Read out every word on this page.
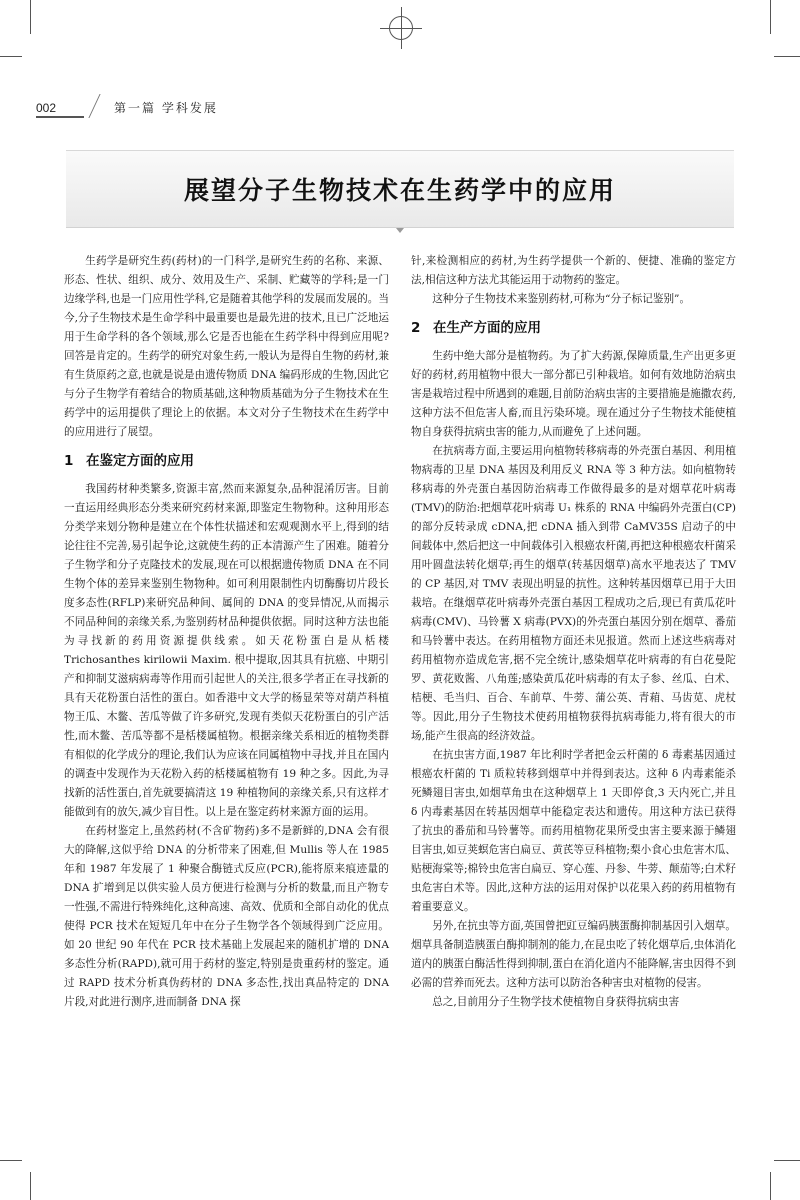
002	第一篇 学科发展
展望分子生物技术在生药学中的应用

生药学是研究生药(药材)的一门科学,是研究生药的名称、来源、形态、性状、组织、成分、效用及生产、采制、贮藏等的学科;是一门边缘学科,也是一门应用性学科,它是随着其他学科的发展而发展的。当今,分子生物技术是生命学科中最重要也是最先进的技术,且已广泛地运用于生命学科的各个领域,那么它是否也能在生药学科中得到应用呢?回答是肯定的。生药学的研究对象生药,一般认为是得自生物的药材,兼有生货原药之意,也就是说是由遗传物质 DNA 编码形成的生物,因此它与分子生物学有着结合的物质基础,这种物质基础为分子生物技术在生药学中的运用提供了理论上的依据。本文对分子生物技术在生药学中的应用进行了展望。

1 在鉴定方面的应用

我国药材种类繁多,资源丰富,然而来源复杂,品种混淆厉害。目前一直运用经典形态分类来研究药材来源,即鉴定生物物种。这种用形态分类学来划分物种是建立在个体性状描述和宏观观测水平上,得到的结论往往不完善,易引起争论,这就使生药的正本清源产生了困难。随着分子生物学和分子克隆技术的发展,现在可以根据遗传物质 DNA 在不同生物个体的差异来鉴别生物物种。如可利用限制性内切酶酶切片段长度多态性(RFLP)来研究品种间、属间的 DNA 的变异情况,从而揭示不同品种间的亲缘关系,为鉴别药材品种提供依据。同时这种方法也能为寻找新的药用资源提供线索。如天花粉蛋白是从栝楼 Trichosanthes kirilowii Maxim. 根中提取,因其具有抗癌、中期引产和抑制艾滋病病毒等作用而引起世人的关注,很多学者正在寻找新的具有天花粉蛋白活性的蛋白。如香港中文大学的杨显荣等对葫芦科植物王瓜、木鳖、苦瓜等做了许多研究,发现有类似天花粉蛋白的引产活性,而木鳖、苦瓜等都不是栝楼属植物。根据亲缘关系相近的植物类群有相似的化学成分的理论,我们认为应该在同属植物中寻找,并且在国内的调查中发现作为天花粉入药的栝楼属植物有 19 种之多。因此,为寻找新的活性蛋白,首先就要搞清这 19 种植物间的亲缘关系,只有这样才能做到有的放矢,减少盲目性。以上是在鉴定药材来源方面的运用。

在药材鉴定上,虽然药材(不含矿物药)多不是新鲜的,DNA 会有很大的降解,这似乎给 DNA 的分析带来了困难,但 Mullis 等人在 1985 年和 1987 年发展了 1 种聚合酶链式反应(PCR),能将原来痕迹量的 DNA 扩增到足以供实验人员方便进行检测与分析的数量,而且产物专一性强,不需进行特殊纯化,这种高速、高效、优质和全部自动化的优点使得 PCR 技术在短短几年中在分子生物学各个领域得到广泛应用。如 20 世纪 90 年代在 PCR 技术基础上发展起来的随机扩增的 DNA 多态性分析(RAPD),就可用于药材的鉴定,特别是贵重药材的鉴定。通过 RAPD 技术分析真伪药材的 DNA 多态性,找出真品特定的 DNA 片段,对此进行测序,进而制备 DNA 探

针,来检测相应的药材,为生药学提供一个新的、便捷、准确的鉴定方法,相信这种方法尤其能运用于动物药的鉴定。

这种分子生物技术来鉴别药材,可称为“分子标记鉴别”。

2 在生产方面的应用

生药中绝大部分是植物药。为了扩大药源,保障质量,生产出更多更好的药材,药用植物中很大一部分都已引种栽培。如何有效地防治病虫害是栽培过程中所遇到的难题,目前防治病虫害的主要措施是施撒农药,这种方法不但危害人畜,而且污染环境。现在通过分子生物技术能使植物自身获得抗病虫害的能力,从而避免了上述问题。

在抗病毒方面,主要运用向植物转移病毒的外壳蛋白基因、利用植物病毒的卫星 DNA 基因及利用反义 RNA 等 3 种方法。如向植物转移病毒的外壳蛋白基因防治病毒工作做得最多的是对烟草花叶病毒(TMV)的防治:把烟草花叶病毒 U₁ 株系的 RNA 中编码外壳蛋白(CP)的部分反转录成 cDNA,把 cDNA 插入到带 CaMV35S 启动子的中间载体中,然后把这一中间载体引入根癌农杆菌,再把这种根癌农杆菌采用叶圆盘法转化烟草;再生的烟草(转基因烟草)高水平地表达了 TMV 的 CP 基因,对 TMV 表现出明显的抗性。这种转基因烟草已用于大田栽培。在继烟草花叶病毒外壳蛋白基因工程成功之后,现已有黄瓜花叶病毒(CMV)、马铃薯 X 病毒(PVX)的外壳蛋白基因分别在烟草、番茄和马铃薯中表达。在药用植物方面还未见报道。然而上述这些病毒对药用植物亦造成危害,据不完全统计,感染烟草花叶病毒的有白花曼陀罗、黄花败酱、八角莲;感染黄瓜花叶病毒的有太子参、丝瓜、白术、桔梗、毛当归、百合、车前草、牛蒡、蒲公英、青葙、马齿苋、虎杖等。因此,用分子生物技术使药用植物获得抗病毒能力,将有很大的市场,能产生很高的经济效益。

在抗虫害方面,1987 年比利时学者把金云杆菌的 δ 毒素基因通过根癌农杆菌的 Ti 质粒转移到烟草中并得到表达。这种 δ 内毒素能杀死鳞翅目害虫,如烟草角虫在这种烟草上 1 天即停食,3 天内死亡,并且 δ 内毒素基因在转基因烟草中能稳定表达和遗传。用这种方法已获得了抗虫的番茄和马铃薯等。而药用植物花果所受虫害主要来源于鳞翅目害虫,如豆荚螟危害白扁豆、黄芪等豆科植物;梨小食心虫危害木瓜、贴梗海棠等;棉铃虫危害白扁豆、穿心莲、丹参、牛蒡、颠茄等;白术籽虫危害白术等。因此,这种方法的运用对保护以花果入药的药用植物有着重要意义。

另外,在抗虫等方面,英国曾把豇豆编码胰蛋酶抑制基因引入烟草。烟草具备制造胰蛋白酶抑制剂的能力,在昆虫吃了转化烟草后,虫体消化道内的胰蛋白酶活性得到抑制,蛋白在消化道内不能降解,害虫因得不到必需的营养而死去。这种方法可以防治各种害虫对植物的侵害。

总之,目前用分子生物学技术使植物自身获得抗病虫害
